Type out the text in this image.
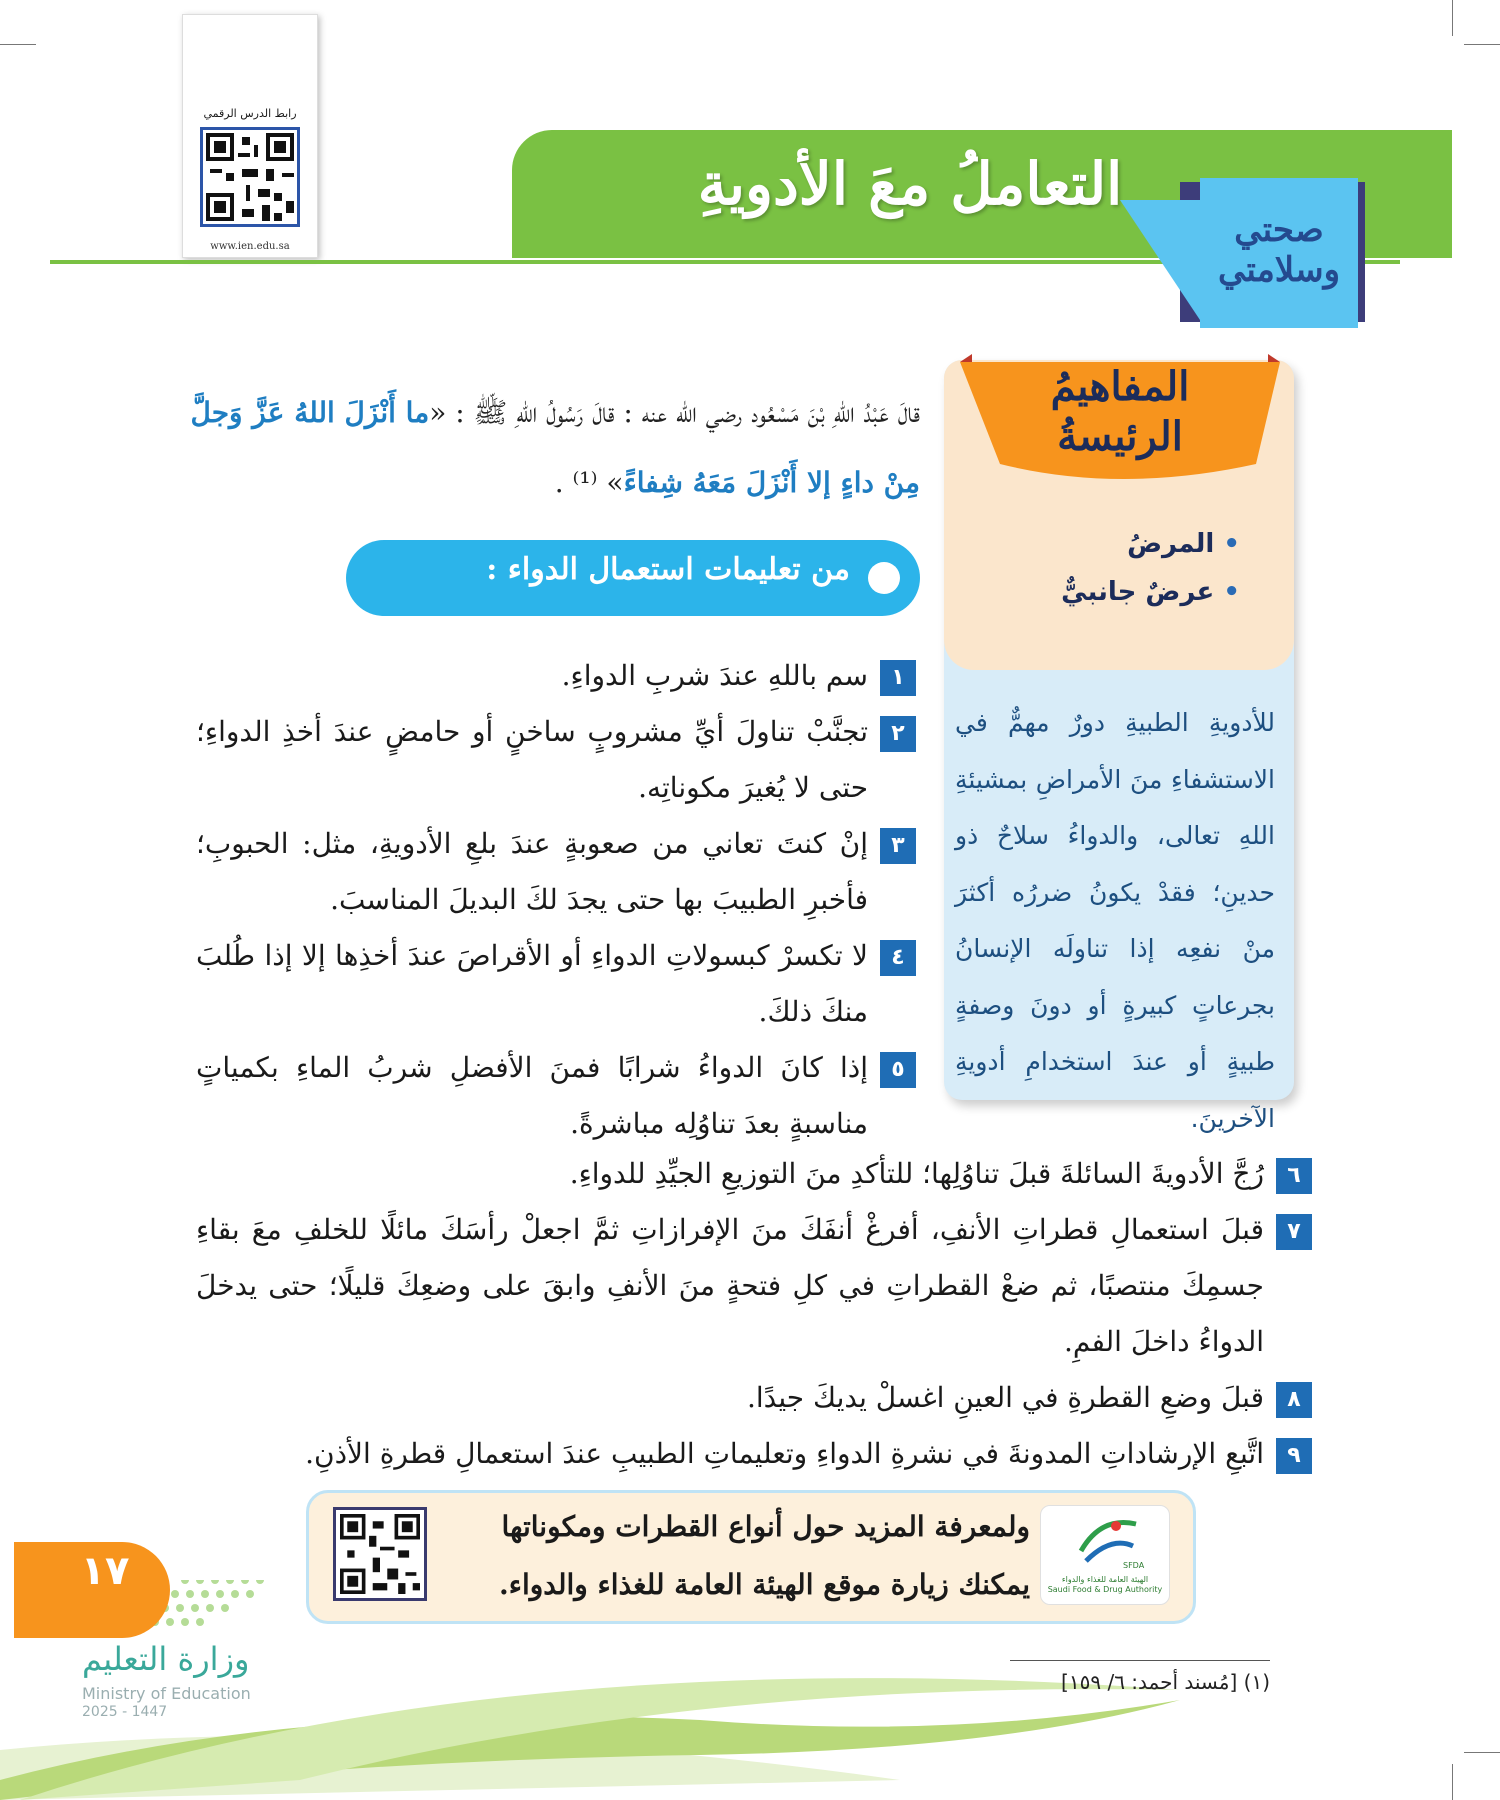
رابط الدرس الرقمي
www.ien.edu.sa
التعاملُ معَ الأدويةِ
صحتي
وسلامتي
المفاهيمُ
الرئيسةُ
• المرضُ
• عرضٌ جانبيٌّ
للأدويةِ الطبيةِ دورٌ مهمٌّ في الاستشفاءِ منَ الأمراضِ بمشيئةِ اللهِ تعالى، والدواءُ سلاحٌ ذو حدينِ؛ فقدْ يكونُ ضررُه أكثرَ منْ نفعِه إذا تناولَه الإنسانُ بجرعاتٍ كبيرةٍ أو دونَ وصفةٍ طبيةٍ أو عندَ استخدامِ أدويةِ الآخرينَ.
قالَ عَبْدُ اللهِ بْنَ مَسْعُود رضي الله عنه : قالَ رَسُولُ اللهِ ﷺ : «ما أَنْزَلَ اللهُ عَزَّ وَجلَّ مِنْ داءٍ إلا أَنْزَلَ مَعَهُ شِفاءً» ⁽¹⁾ .
من تعليمات استعمال الدواء :
١
سم باللهِ عندَ شربِ الدواءِ.
٢
تجنَّبْ تناولَ أيِّ مشروبٍ ساخنٍ أو حامضٍ عندَ أخذِ الدواءِ؛ حتى لا يُغيرَ مكوناتِه.
٣
إنْ كنتَ تعاني من صعوبةٍ عندَ بلعِ الأدويةِ، مثل: الحبوبِ؛ فأخبرِ الطبيبَ بها حتى يجدَ لكَ البديلَ المناسبَ.
٤
لا تكسرْ كبسولاتِ الدواءِ أو الأقراصَ عندَ أخذِها إلا إذا طُلبَ منكَ ذلكَ.
٥
إذا كانَ الدواءُ شرابًا فمنَ الأفضلِ شربُ الماءِ بكمياتٍ مناسبةٍ بعدَ تناوُلِه مباشرةً.
٦
رُجَّ الأدويةَ السائلةَ قبلَ تناوُلِها؛ للتأكدِ منَ التوزيعِ الجيِّدِ للدواءِ.
٧
قبلَ استعمالِ قطراتِ الأنفِ، أفرغْ أنفَكَ منَ الإفرازاتِ ثمَّ اجعلْ رأسَكَ مائلًا للخلفِ معَ بقاءِ جسمِكَ منتصبًا، ثم ضعْ القطراتِ في كلِ فتحةٍ منَ الأنفِ وابقَ على وضعِكَ قليلًا؛ حتى يدخلَ الدواءُ داخلَ الفمِ.
٨
قبلَ وضعِ القطرةِ في العينِ اغسلْ يديكَ جيدًا.
٩
اتَّبعِ الإرشاداتِ المدونةَ في نشرةِ الدواءِ وتعليماتِ الطبيبِ عندَ استعمالِ قطرةِ الأذنِ.
SFDA
الهيئة العامة للغذاء والدواء
Saudi Food & Drug Authority
ولمعرفة المزيد حول أنواع القطرات ومكوناتها
يمكنك زيارة موقع الهيئة العامة للغذاء والدواء.
١٧
وزارة التعليم
Ministry of Education
2025 - 1447
(١) [مُسند أحمد: ٦/ ١٥٩]
